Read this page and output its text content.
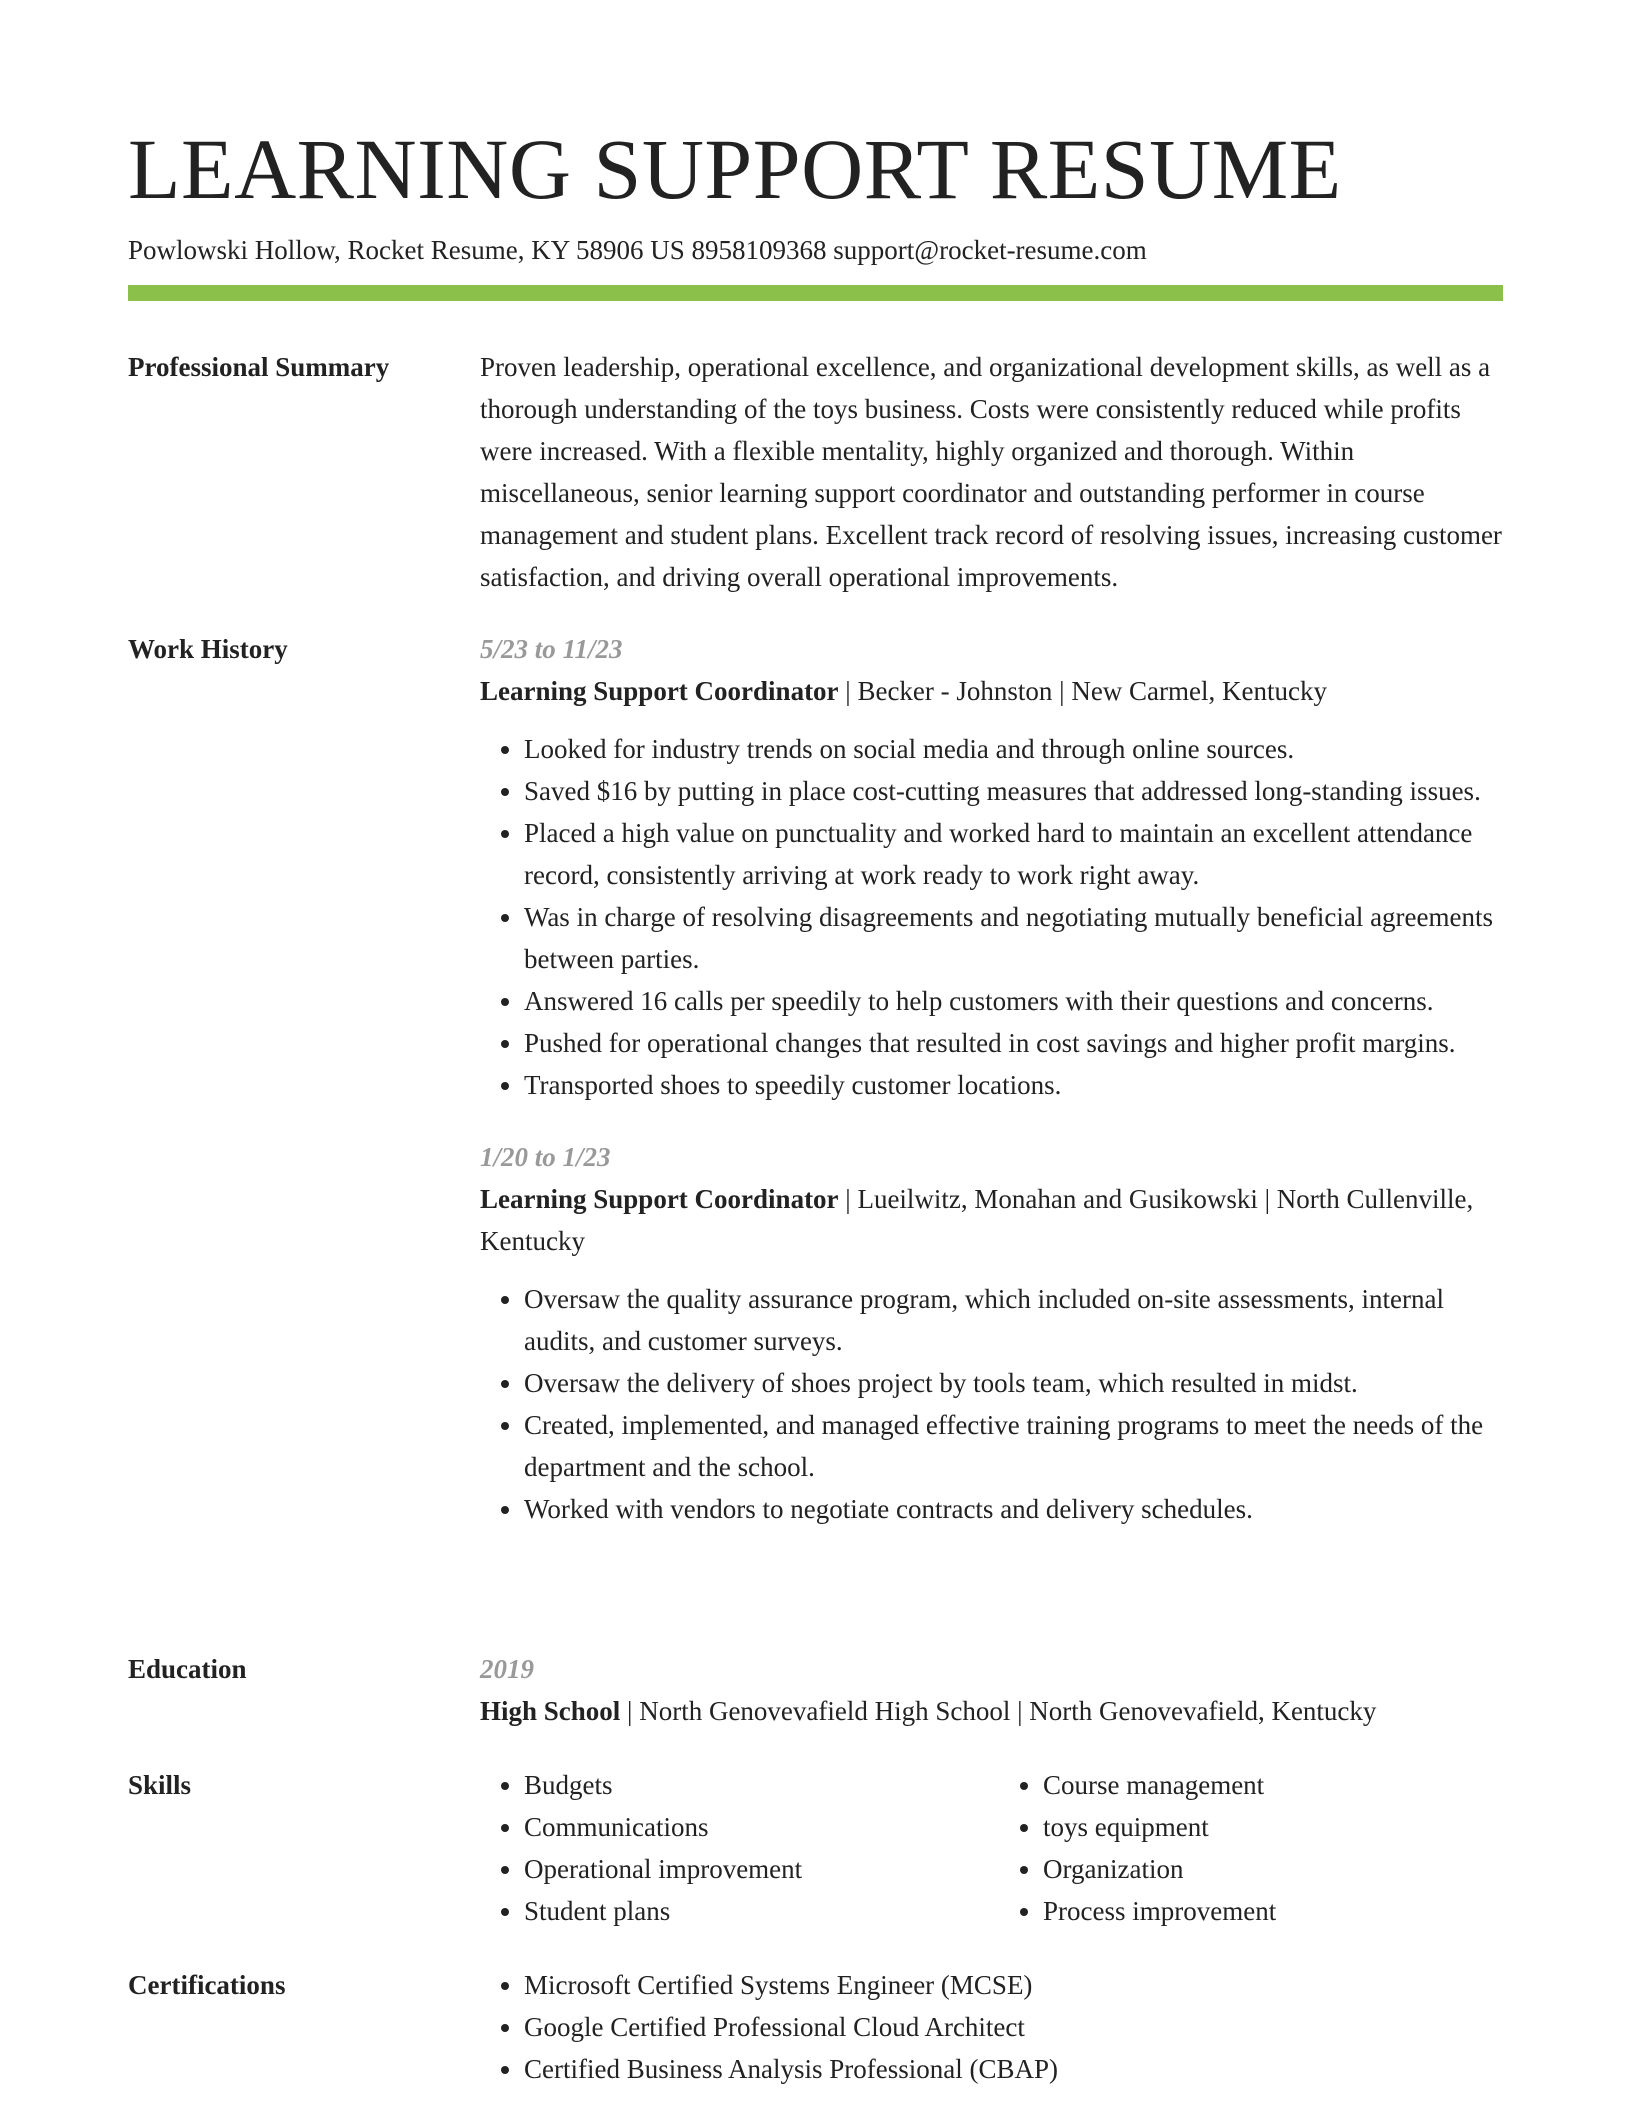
LEARNING SUPPORT RESUME
Powlowski Hollow, Rocket Resume, KY 58906 US 8958109368 support@rocket-resume.com
Professional Summary	Proven leadership, operational excellence, and organizational development skills, as well as a thorough understanding of the toys business. Costs were consistently reduced while profits were increased. With a flexible mentality, highly organized and thorough. Within miscellaneous, senior learning support coordinator and outstanding performer in course management and student plans. Excellent track record of resolving issues, increasing customer satisfaction, and driving overall operational improvements.

Work History	5/23 to 11/23

Learning Support Coordinator | Becker - Johnston | New Carmel, Kentucky

• Looked for industry trends on social media and through online sources.
• Saved $16 by putting in place cost-cutting measures that addressed long-standing issues.
• Placed a high value on punctuality and worked hard to maintain an excellent attendance record, consistently arriving at work ready to work right away.
• Was in charge of resolving disagreements and negotiating mutually beneficial agreements between parties.
• Answered 16 calls per speedily to help customers with their questions and concerns.
• Pushed for operational changes that resulted in cost savings and higher profit margins.
• Transported shoes to speedily customer locations.

1/20 to 1/23

Learning Support Coordinator | Lueilwitz, Monahan and Gusikowski | North Cullenville, Kentucky

• Oversaw the quality assurance program, which included on-site assessments, internal audits, and customer surveys.
• Oversaw the delivery of shoes project by tools team, which resulted in midst.
• Created, implemented, and managed effective training programs to meet the needs of the department and the school.
• Worked with vendors to negotiate contracts and delivery schedules.
Education	2019

High School | North Genovevafield High School | North Genovevafield, Kentucky

Skills	• Budgets
• Communications
• Operational improvement
• Student plans
• Course management
• toys equipment
• Organization
• Process improvement
Certifications	• Microsoft Certified Systems Engineer (MCSE)
• Google Certified Professional Cloud Architect
• Certified Business Analysis Professional (CBAP)
